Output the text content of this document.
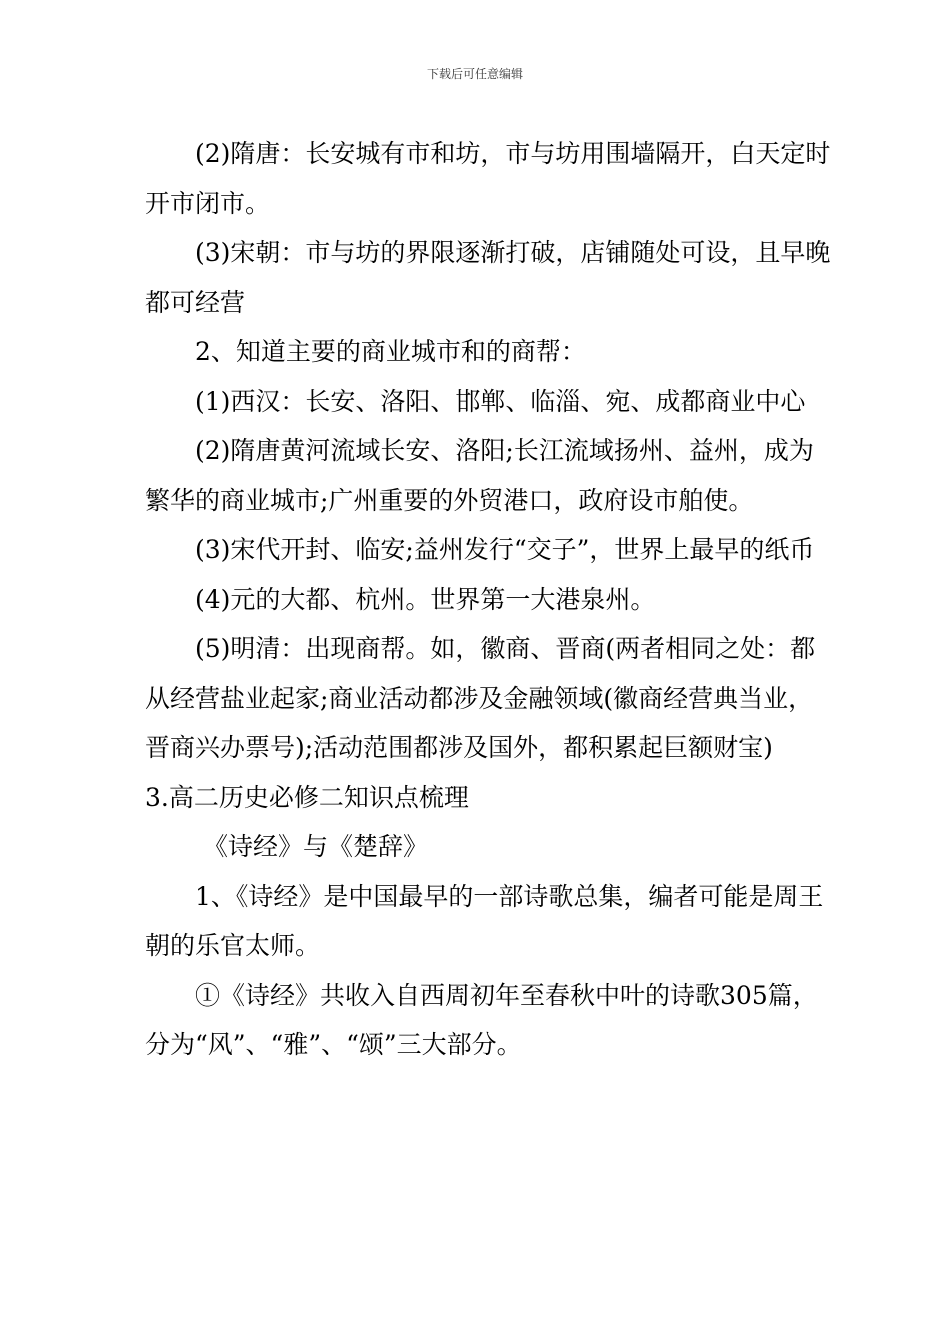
下载后可任意编辑

(2)隋唐：长安城有市和坊，市与坊用围墙隔开，白天定时开市闭市。

(3)宋朝：市与坊的界限逐渐打破，店铺随处可设，且早晚都可经营

2、知道主要的商业城市和的商帮：

(1)西汉：长安、洛阳、邯郸、临淄、宛、成都商业中心

(2)隋唐黄河流域长安、洛阳;长江流域扬州、益州，成为繁华的商业城市;广州重要的外贸港口，政府设市舶使。

(3)宋代开封、临安;益州发行“交子”，世界上最早的纸币

(4)元的大都、杭州。世界第一大港泉州。

(5)明清：出现商帮。如，徽商、晋商(两者相同之处：都从经营盐业起家;商业活动都涉及金融领域(徽商经营典当业，晋商兴办票号);活动范围都涉及国外，都积累起巨额财宝)

3.高二历史必修二知识点梳理

《诗经》与《楚辞》

1、《诗经》是中国最早的一部诗歌总集，编者可能是周王朝的乐官太师。

①《诗经》共收入自西周初年至春秋中叶的诗歌305篇，分为“风”、“雅”、“颂”三大部分。
